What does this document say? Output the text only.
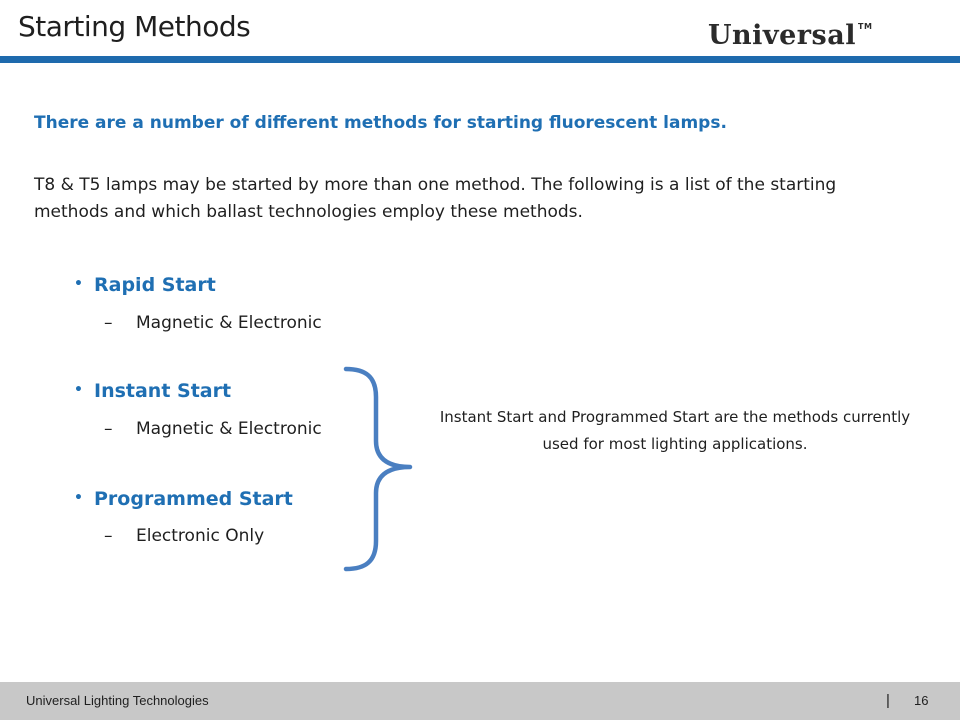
Starting Methods	Universal ™
There are a number of different methods for starting fluorescent lamps.
T8 & T5 lamps may be started by more than one method. The following is a list of the starting methods and which ballast technologies employ these methods.
• Rapid Start
– Magnetic & Electronic
• Instant Start
– Magnetic & Electronic
• Programmed Start
– Electronic Only
Instant Start and Programmed Start are the methods currently used for most lighting applications.
Universal Lighting Technologies	| 16
